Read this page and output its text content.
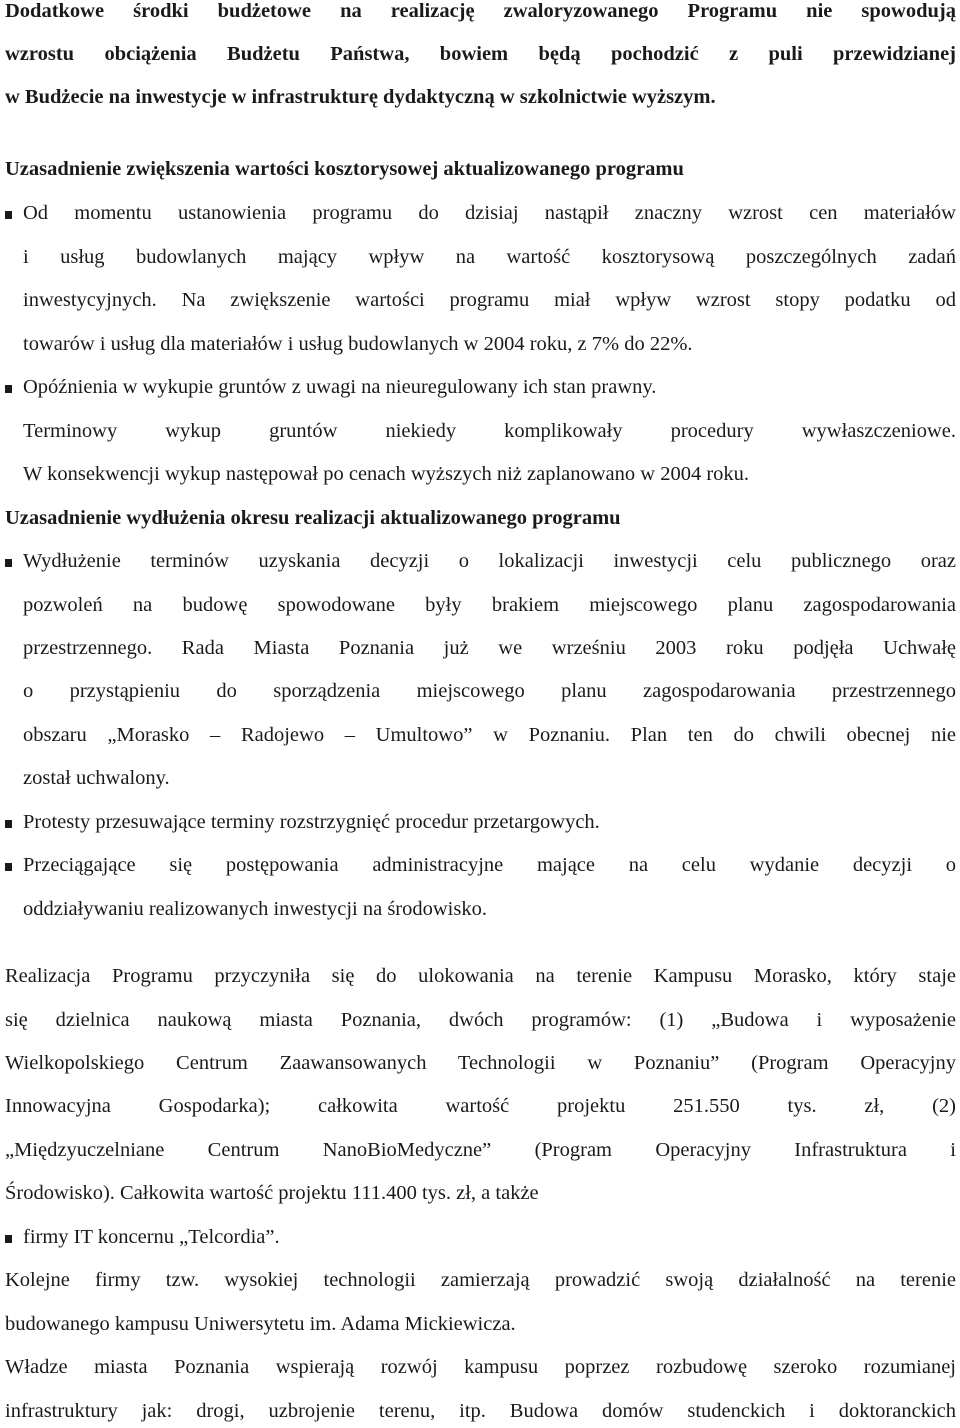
Dodatkowe środki budżetowe na realizację zwaloryzowanego Programu nie spowodują
wzrostu obciążenia Budżetu Państwa, bowiem będą pochodzić z puli przewidzianej
w Budżecie na inwestycje w infrastrukturę dydaktyczną w szkolnictwie wyższym.
Uzasadnienie zwiększenia wartości kosztorysowej aktualizowanego programu
Od momentu ustanowienia programu do dzisiaj nastąpił znaczny wzrost cen materiałów
i usług budowlanych mający wpływ na wartość kosztorysową poszczególnych zadań
inwestycyjnych. Na zwiększenie wartości programu miał wpływ wzrost stopy podatku od
towarów i usług dla materiałów i usług budowlanych w 2004 roku, z 7% do 22%.
Opóźnienia w wykupie gruntów z uwagi na nieuregulowany ich stan prawny.
Terminowy wykup gruntów niekiedy komplikowały procedury wywłaszczeniowe.
W konsekwencji wykup następował po cenach wyższych niż zaplanowano w 2004 roku.
Uzasadnienie wydłużenia okresu realizacji aktualizowanego programu
Wydłużenie terminów uzyskania decyzji o lokalizacji inwestycji celu publicznego oraz
pozwoleń na budowę spowodowane były brakiem miejscowego planu zagospodarowania
przestrzennego. Rada Miasta Poznania już we wrześniu 2003 roku podjęła Uchwałę
o przystąpieniu do sporządzenia miejscowego planu zagospodarowania przestrzennego
obszaru „Morasko – Radojewo – Umultowo” w Poznaniu. Plan ten do chwili obecnej nie
został uchwalony.
Protesty przesuwające terminy rozstrzygnięć procedur przetargowych.
Przeciągające się postępowania administracyjne mające na celu wydanie decyzji o
oddziaływaniu realizowanych inwestycji na środowisko.
Realizacja Programu przyczyniła się do ulokowania na terenie Kampusu Morasko, który staje
się dzielnica naukową miasta Poznania, dwóch programów: (1) „Budowa i wyposażenie
Wielkopolskiego Centrum Zaawansowanych Technologii w Poznaniu” (Program Operacyjny
Innowacyjna Gospodarka); całkowita wartość projektu 251.550 tys. zł, (2)
„Międzyuczelniane Centrum NanoBioMedyczne” (Program Operacyjny Infrastruktura i
Środowisko). Całkowita wartość projektu 111.400 tys. zł, a także
firmy IT koncernu „Telcordia”.
Kolejne firmy tzw. wysokiej technologii zamierzają prowadzić swoją działalność na terenie
budowanego kampusu Uniwersytetu im. Adama Mickiewicza.
Władze miasta Poznania wspierają rozwój kampusu poprzez rozbudowę szeroko rozumianej
infrastruktury jak: drogi, uzbrojenie terenu, itp. Budowa domów studenckich i doktoranckich
